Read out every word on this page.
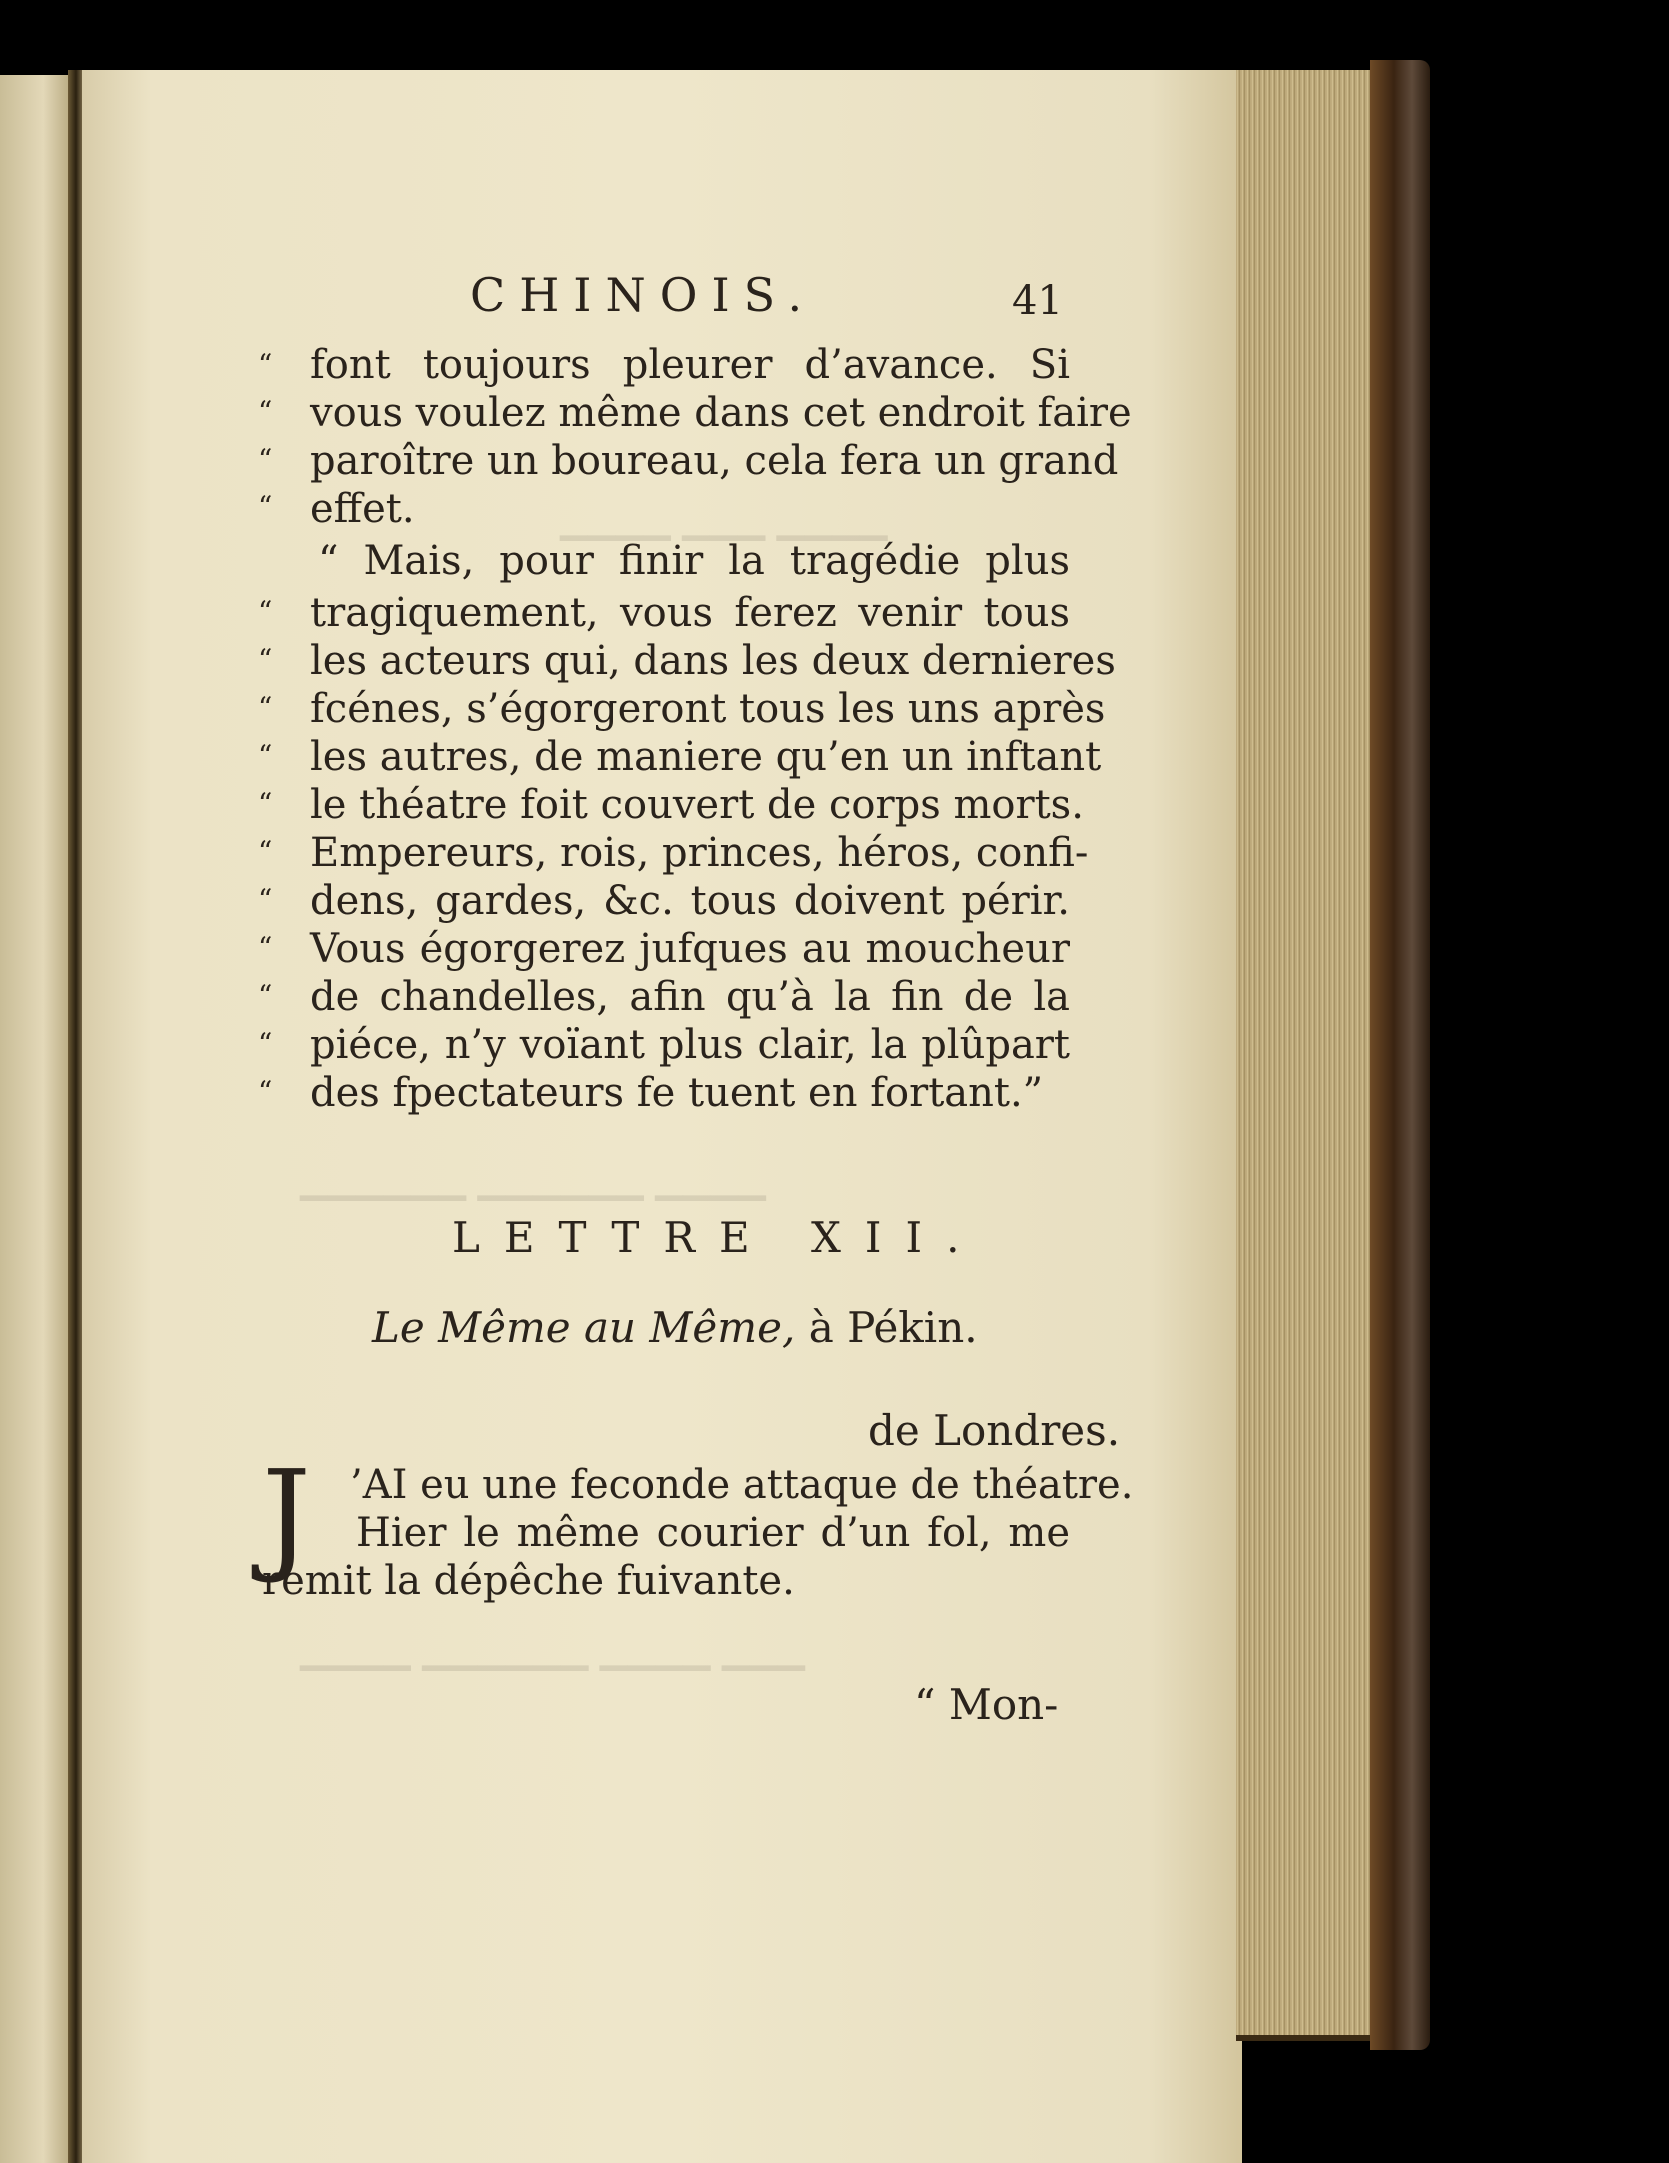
▁▁▁▁ ▁▁▁ ▁▁▁▁
▁▁▁▁▁▁ ▁▁▁▁▁▁ ▁▁▁▁
▁▁▁▁ ▁▁▁▁▁▁ ▁▁▁▁ ▁▁▁
CHINOIS.	41
“
“
“
“
“
“
“
“
“
“
“
“
“
“
“
font toujours pleurer d’avance. Si
vous voulez même dans cet endroit faire
paroître un boureau, cela fera un grand
effet.
“ Mais, pour finir la tragédie plus
tragiquement, vous ferez venir tous
les acteurs qui, dans les deux dernieres
fcénes, s’égorgeront tous les uns après
les autres, de maniere qu’en un inftant
le théatre foit couvert de corps morts.
Empereurs, rois, princes, héros, confi-
dens, gardes, &c. tous doivent périr.
Vous égorgerez jufques au moucheur
de chandelles, afin qu’à la fin de la
piéce, n’y voïant plus clair, la plûpart
des fpectateurs fe tuent en fortant.”
LETTRE XII.
Le Même au Même, à Pékin.
de Londres.
J ’AI eu une feconde attaque de théatre.
Hier le même courier d’un fol, me
remit la dépêche fuivante.
“ Mon-
